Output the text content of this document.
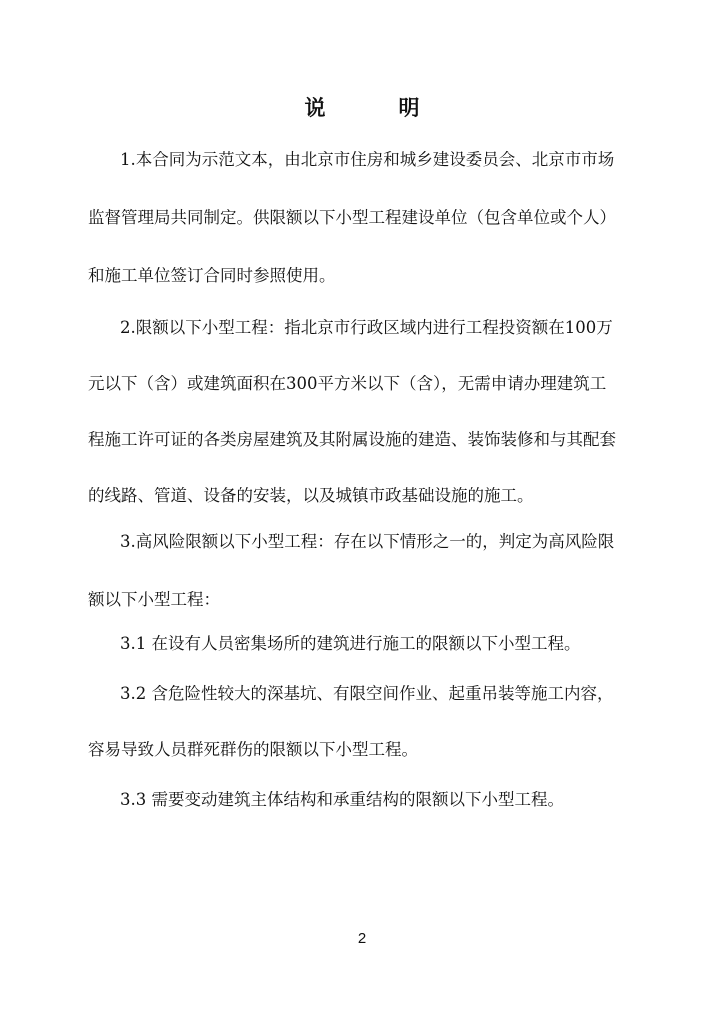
说　明
1.本合同为示范文本，由北京市住房和城乡建设委员会、北京市市场
监督管理局共同制定。供限额以下小型工程建设单位（包含单位或个人）
和施工单位签订合同时参照使用。
2.限额以下小型工程：指北京市行政区域内进行工程投资额在100万
元以下（含）或建筑面积在300平方米以下（含），无需申请办理建筑工
程施工许可证的各类房屋建筑及其附属设施的建造、装饰装修和与其配套
的线路、管道、设备的安装，以及城镇市政基础设施的施工。
3.高风险限额以下小型工程：存在以下情形之一的，判定为高风险限
额以下小型工程：
3.1 在设有人员密集场所的建筑进行施工的限额以下小型工程。
3.2 含危险性较大的深基坑、有限空间作业、起重吊装等施工内容，
容易导致人员群死群伤的限额以下小型工程。
3.3 需要变动建筑主体结构和承重结构的限额以下小型工程。
2
